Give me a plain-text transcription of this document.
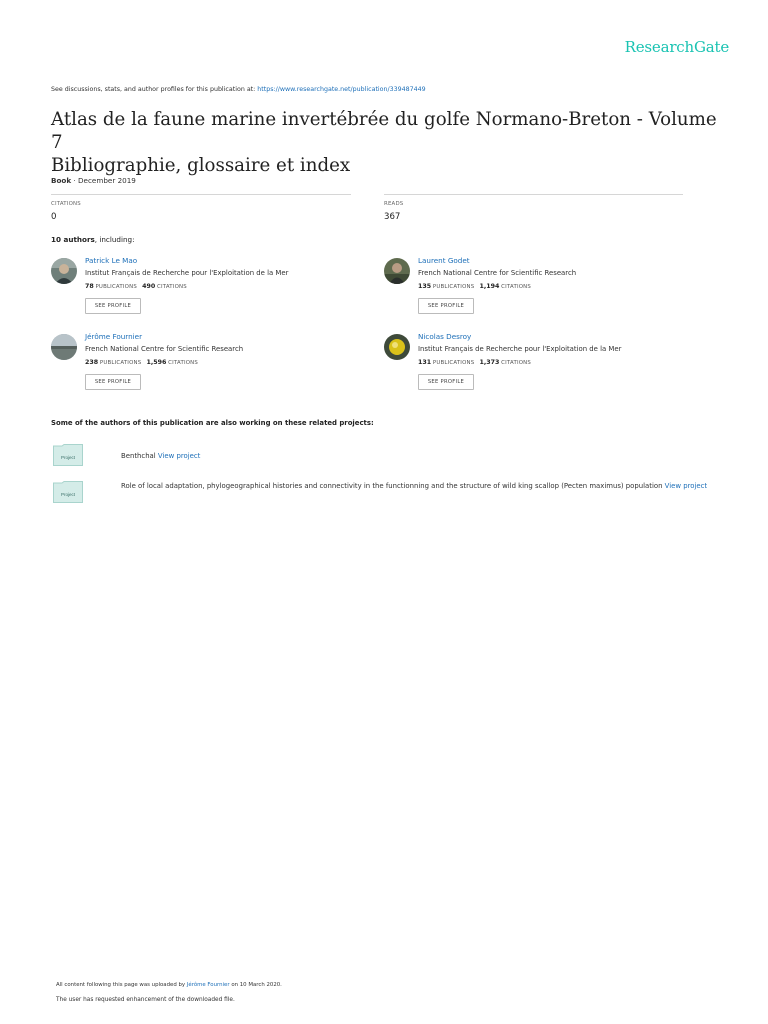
ResearchGate
See discussions, stats, and author profiles for this publication at: https://www.researchgate.net/publication/339487449
Atlas de la faune marine invertébrée du golfe Normano-Breton - Volume 7
Bibliographie, glossaire et index
Book · December 2019
CITATIONS
0
READS
367
10 authors, including:
Patrick Le Mao
Institut Français de Recherche pour l'Exploitation de la Mer
78 PUBLICATIONS 490 CITATIONS
SEE PROFILE
Laurent Godet
French National Centre for Scientific Research
135 PUBLICATIONS 1,194 CITATIONS
SEE PROFILE
Jérôme Fournier
French National Centre for Scientific Research
238 PUBLICATIONS 1,596 CITATIONS
SEE PROFILE
Nicolas Desroy
Institut Français de Recherche pour l'Exploitation de la Mer
131 PUBLICATIONS 1,373 CITATIONS
SEE PROFILE
Some of the authors of this publication are also working on these related projects:
Project	Benthchal View project
Project
Role of local adaptation, phylogeographical histories and connectivity in the functionning and the structure of wild king scallop (Pecten maximus) population View project
All content following this page was uploaded by Jérôme Fournier on 10 March 2020.
The user has requested enhancement of the downloaded file.
